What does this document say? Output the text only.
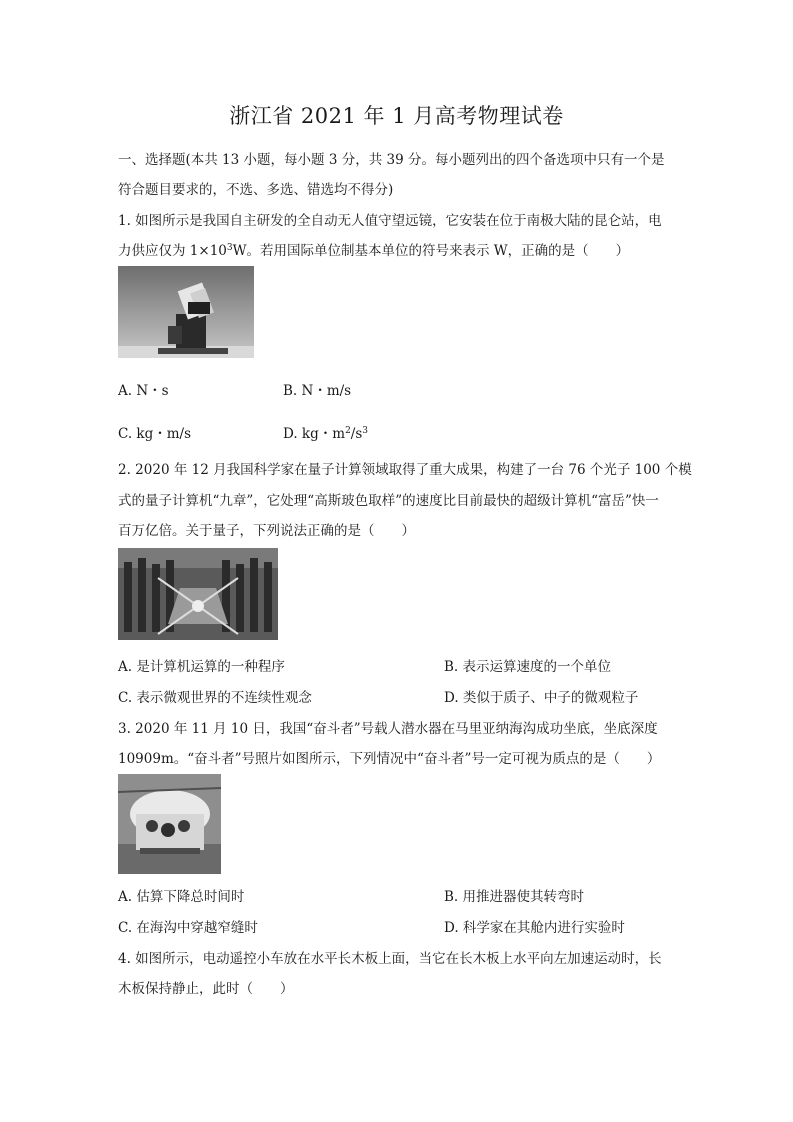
浙江省 2021 年 1 月高考物理试卷
一、选择题(本共 13 小题，每小题 3 分，共 39 分。每小题列出的四个备选项中只有一个是
符合题目要求的，不选、多选、错选均不得分)
1. 如图所示是我国自主研发的全自动无人值守望远镜，它安装在位于南极大陆的昆仑站，电
力供应仅为 $1\times 10^3W$。若用国际单位制基本单位的符号来表示 W，正确的是（　　）
A. N・s	B. N・m/s
C. kg・m/s	D. kg・$m^2/s^3$
2. 2020 年 12 月我国科学家在量子计算领域取得了重大成果，构建了一台 76 个光子 100 个模
式的量子计算机“九章”，它处理“高斯玻色取样”的速度比目前最快的超级计算机“富岳”快一
百万亿倍。关于量子，下列说法正确的是（　　）
A. 是计算机运算的一种程序	B. 表示运算速度的一个单位
C. 表示微观世界的不连续性观念	D. 类似于质子、中子的微观粒子
3. 2020 年 11 月 10 日，我国“奋斗者”号载人潜水器在马里亚纳海沟成功坐底，坐底深度
10909m。“奋斗者”号照片如图所示，下列情况中“奋斗者”号一定可视为质点的是（　　）
A. 估算下降总时间时	B. 用推进器使其转弯时
C. 在海沟中穿越窄缝时	D. 科学家在其舱内进行实验时
4. 如图所示，电动遥控小车放在水平长木板上面，当它在长木板上水平向左加速运动时，长
木板保持静止，此时（　　）
